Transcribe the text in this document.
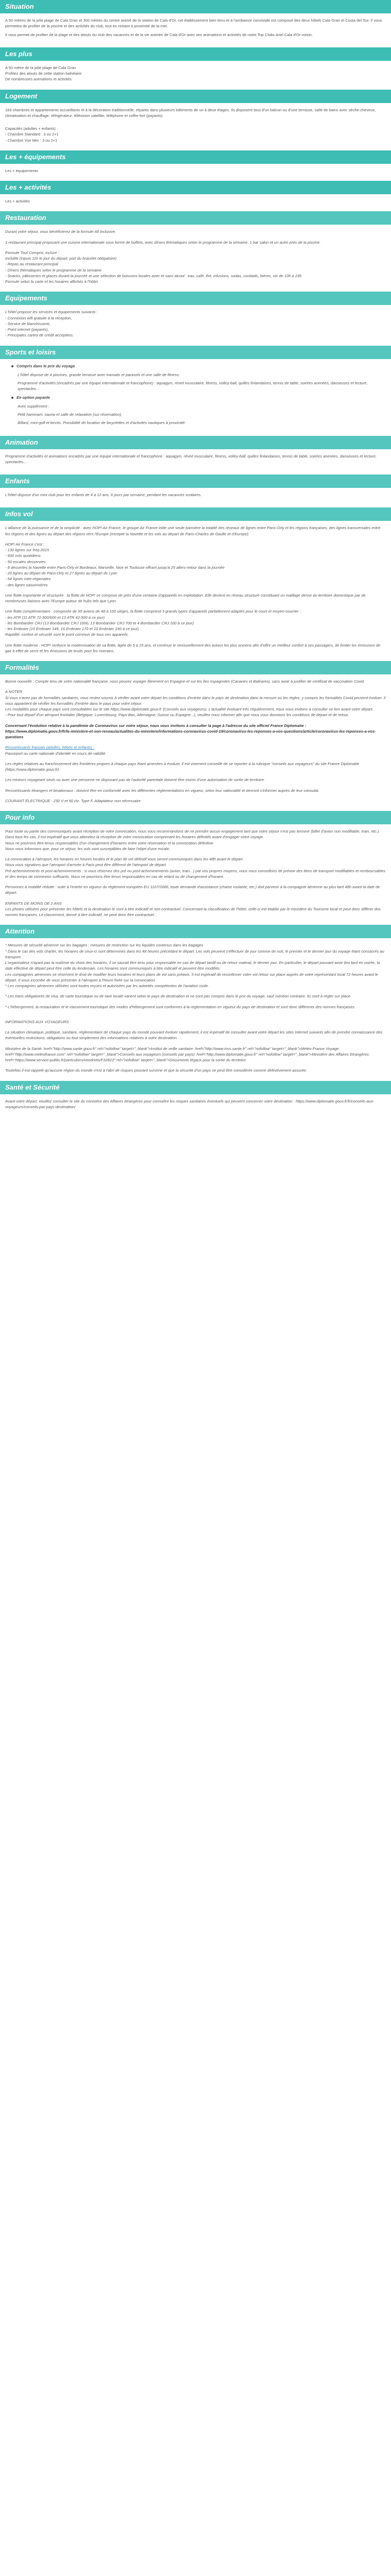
Situation

A 50 mètres de la jolie plage de Cala Gran et 300 mètres du centre animé de la station de Cala d'Or, cet établissement bien tenu et à l'ambiance conviviale est composé des deux hôtels Cala Gran et Costa del Sur. Il vous permettra de profiter de la piscine et des activités du club, tout en restant à proximité de la mer.

Il vous permet de profiter de la plage et des atouts du club des vacances et de la vie animée de Cala d'Or avec ses animations et activités de notre Top Clubs Ariel Cala d'Or-voisin.

Les plus
A 50 mètre de la jolie plage de Cala Gran
Profitez des atouts de cette station balnéaire
De nombreuses animations et activités
Logement

183 chambres et appartements accueillants et à la décoration traditionnelle, répartis dans plusieurs bâtiments de un à deux étages. Ils disposent tous d'un balcon ou d'une terrasse, salle de bains avec sèche-cheveux, climatisation et chauffage, réfrigérateur, télévision satellite, téléphone et coffre-fort (payants).

Capacités (adultes + enfants) :
- Chambre Standard : 3 ou 2+1
- Chambre Vue Mer : 3 ou 2+1
Les + équipements
Les + équipements
Les + activités
Les + activités
Restauration
Durant votre séjour, vous bénéficierez de la formule All Inclusive.
1 restaurant principal proposant une cuisine internationale sous forme de buffets, avec dîners thématiques selon le programme de la semaine. 1 bar salon et un autre près de la piscine.
Formule Tout Compris, inclure :
Inclutité (inpuis 11h le jour du départ, port du bracelet obligatoire)
- Repas au restaurant principal
- Dîners thématiques selon le programme de la semaine
- Snacks, pâtisseries et glaces durant la journée et une sélection de boissons locales avec et sans alcool : eau, café, thé, infusions, sodas, cocktails, bières, vin de 10h à 23h
Formule selon la carte et les horaires affichés à l'hôtel.
Equipements
L'hôtel propose les services et équipements suivants :
- Connexion wifi gratuite à la réception,
- Service de blanchisserie,
- Point internet (payants),
- Principales cartes de crédit acceptées.
Sports et loisirs
Compris dans le prix du voyage

L'hôtel dispose de 4 piscines, grande terrasse avec transats et parasols et une salle de fitness.

Programme d'activités (encadrés par une équipe internationale et francophone) : aquagym, réveil musculaire, fitness, volley-ball, quilles finlandaises, tennis de table, soirées animées, danseuses et lecture, spectacles...

En option payante

Avec supplément :

Petit hammam, sauna et salle de relaxation (sur réservation),

Billard, mini-golf et tennis. Possibilité de location de bicyclettes et d'activités nautiques à proximité.

Animation

Programme d'activités et animations encadrés par une équipe internationale et francophone : aquagym, réveil musculaire, fitness, volley-ball, quilles finlandaises, tennis de table, soirées animées, danseuses et lecture, spectacles...

Enfants

L'hôtel dispose d'un mini club pour les enfants de 4 à 12 ans, 6 jours par semaine, pendant les vacances scolaires.

Infos vol
L'alliance de la puissance et de la simplicité : avec HOP! Air France, le groupe Air France initie une seule bannière la totalité des réseaux de lignes entre Paris-Orly et les régions françaises, des lignes transversales entre les régions et des lignes au départ des régions vers l'Europe (excepté la Navette et les vols au départ de Paris-Charles de Gaulle et d'Europe).
HOP! Air France c'est :
- 130 lignes sur fréq 2015
- 600 vols quotidiens
- 50 escales desservies
- 8 dessertes la Navette entre Paris-Orly et Bordeaux, Marseille, Nice et Toulouse offrant jusqu'à 25 allers-retour dans la journée
- 20 lignes au départ de Paris-Orly et 27 lignes au départ de Lyon
- 54 lignes inter-régionales
- des lignes saisonnières
Une flotte importante et structurée : la flotte de HOP! se compose de près d'une centaine d'appareils en exploitation. Elle devient en réseau structuré constituant un maillage dense du territoire domestique par de nombreuses liaisons avec l'Europe autour de hubs tels que Lyon.
Une flotte complémentaire : composée de 95 avions de 48 à 100 sièges, la flotte comprend 3 grands types d'appareils parfaitement adaptés pour le court et moyen-courrier :
- les ATR (11 ATR 72-500/600 et 13 ATR 42-500 à ce jour)
- les Bombardier CRJ (13 Bombardier CRJ 1000, 13 Bombardier CRJ 700 et 4 Bombardier CRJ 100 à ce jour)
- les Embraer (15 Embraer 145, 16 Embraer 170 et 10 Embraer 190 à ce jour)
Rapidité, confort et sécurité sont le point commun de tous ces appareils.
Une flotte moderne : HOP! renforce la modernisation de sa flotte, âgée de 5 à 15 ans, et continue le renouvellement des avions les plus anciens afin d'offrir un meilleur confort à ses passagers, de limiter les émissions de gaz à effet de serre et les émissions de bruits pour les riverains.
Formalités
Bonne nouvelle : Compte tenu de votre nationalité française, vous pouvez voyager librement en Espagne et sur les îles espagnoles (Canaries et Baléares), sans avoir à justifier de certificat de vaccination Covid.
A NOTER
Si vous n'avez pas de formalités sanitaires, vous restez soumis à vérifier avant votre départ les conditions d'entrée dans le pays de destination dans la mesure où les règles, y compris les formalités Covid peuvent évoluer. Il vous appartient de vérifier les formalités d'entrée dans le pays pour votre séjour.
Les modalités pour chaque pays sont consultables sur le site https://www.diplomatie.gouv.fr (Conseils aux voyageurs). L'actualité évoluant très régulièrement, nous vous invitons à consulter ce lien avant votre départ.
- Pour tout départ d'un aéroport frontalier (Belgique, Luxembourg, Pays-Bas, Allemagne, Suisse ou Espagne...), veuillez nous informer afin que nous vous donnions les conditions de départ et de retour.
Concernant l'évolution relative à la pandémie de Coronavirus sur votre séjour, nous vous invitons à consulter la page à l'adresse du site officiel France Diplomatie :
https://www.diplomatie.gouv.fr/fr/le-ministere-et-son-reseau/actualites-du-ministere/informations-coronavirus-covid-19/coronavirus-les-reponses-a-vos-questions/article/coronavirus-les-reponses-a-vos-questions
Ressortissants français (adultes, bébés et enfants) :
Passeport ou carte nationale d'identité en cours de validité.
Les règles relatives au franchissement des frontières propres à chaque pays étant amenées à évoluer, il est vivement conseillé de se reporter à la rubrique "conseils aux voyageurs" du site France Diplomatie (https://www.diplomatie.gouv.fr).
Les mineurs voyageant seuls ou avec une personne ne disposant pas de l'autorité parentale doivent être munis d'une autorisation de sortie de territoire.
Ressortissants étrangers et binationaux : doivent être en conformité avec les différentes réglementations en vigueur, selon leur nationalité et devront s'informer auprès de leur consulat.
COURANT ÉLECTRIQUE : 230 V et 50 Hz. Type F. Adaptateur non nécessaire.
Pour info
Pour toute ou partie des communiqués avant réception de votre convocation, nous vous recommandons de ne prendre aucun engagement tant que votre séjour n'est pas terminé (billet d'avion non modifiable, train, etc.).
Dans tous les cas, il est impératif que vous attendiez la réception de votre convocation comprenant les horaires définitifs avant d'engager votre voyage.
Nous ne pourrons être tenus responsables d'un changement d'horaires entre votre réservation et la convocation définitive.
Nous vous informons que, pour ce séjour, les vols sont susceptibles de faire l'objet d'une escale.
La convocation à l'aéroport, les horaires en heures locales et le plan de vol définitif vous seront communiqués dans les 48h avant le départ.
Nous vous signalons que l'aéroport d'arrivée à Paris peut être différent de l'aéroport de départ.
Pré-acheminements et post-acheminements : si vous réservez des pré ou post-acheminements (avion, train...) par vos propres moyens, nous vous conseillons de prévoir des titres de transport modifiables et remboursables et des temps de connexion suffisants. Nous ne pourrions être tenus responsables en cas de retard ou de changement d'horaire.
Personnes à mobilité réduite : suite à l'entrée en vigueur du règlement européen EU 1107/2006, toute demande d'assistance (chaise roulante, etc.) doit parvenir à la compagnie aérienne au plus tard 48h avant la date de départ.
ENFANTS DE MOINS DE 2 ANS
Les photos utilisées pour présenter les hôtels et la destination le sont à titre indicatif et non-contractuel. Concernant la classification de l'hôtel, celle-ci est établie par le ministère du Tourisme local et peut donc différer des normes françaises. Le classement, donné à titre indicatif, ne peut donc être contractuel.
Attention
* Mesures de sécurité aérienne sur les bagages : mesures de restriction sur les liquides contenus dans les bagages
* Dans le cas des vols charter, les horaires de ceux-ci sont déterminés dans les 48 heures précédant le départ. Les vols peuvent s'effectuer de jour comme de nuit, le premier et le dernier jour du voyage étant consacrés au transport.
L'organisateur n'ayant pas la maîtrise du choix des horaires, il se saurait être tenu pour responsable en cas de départ tardif ou de retour matinal, le dernier jour. En particulier, le départ pouvant avoir lieu tard en soirée, la date effective de départ peut être celle du lendemain. Les horaires sont communiqués à titre indicatif et peuvent être modifiés.
Les compagnies aériennes se réservent le droit de modifier leurs horaires et leurs plans de vol sans préavis. Il est impératif de reconfirmer votre vol retour sur place auprès de votre représentant local 72 heures avant le départ. Il vous incombe de vous présenter à l'aéroport à l'heure fixée sur la convocation.
* Les compagnies aériennes utilisées sont toutes reçues et autorisées par les autorités compétentes de l'aviation civile.
* Les trans obligatoires de visa, de carte touristique ou de taxe locale varient selon le pays de destination et ne sont pas compris dans le prix du voyage, sauf mention contraire. Ils sont à régler sur place.
* L'hébergement, la restauration et le classement touristique des modes d'hébergement sont conformes à la réglementation en vigueur du pays de destination et sont donc différents des normes françaises.
INFORMATIONS AUX VOYAGEURS :
La situation climatique, politique, sanitaire, réglementaire de chaque pays du monde pouvant évoluer rapidement, il est impératif de consulter avant votre départ les sites Internet suivants afin de prendre connaissance des éventuelles restrictions, obligations ou tout simplement des informations relatives à votre destination.
Ministère de la Santé: href="http://www.sante.gouv.fr" rel="nofollow" target="_blank">Institut de veille sanitaire: href="http://www.invs.sante.fr" rel="nofollow" target="_blank">Météo France Voyage: href="http://www.meteofrance.com" rel="nofollow" target="_blank">Conseils aux voyageurs (conseils par pays): href="http://www.diplomatie.gouv.fr" rel="nofollow" target="_blank">Ministère des Affaires Etrangères: href="https://www.service-public.fr/particuliers/vosdroits/F32822" rel="nofollow" target="_blank">Documents légaux pour la sortie du territoire.
Toutefois il est rappelé qu'aucune région du monde n'est à l'abri de risques pouvant survenir et que la sécurité d'un pays ne peut être considérée comme définitivement assurée.
Santé et Sécurité

Avant votre départ, veuillez consulter le site du ministère des Affaires étrangères pour connaître les risques sanitaires éventuels qui peuvent concerner votre destination : https://www.diplomatie.gouv.fr/fr/conseils-aux-voyageurs/conseils-par-pays-destination/
